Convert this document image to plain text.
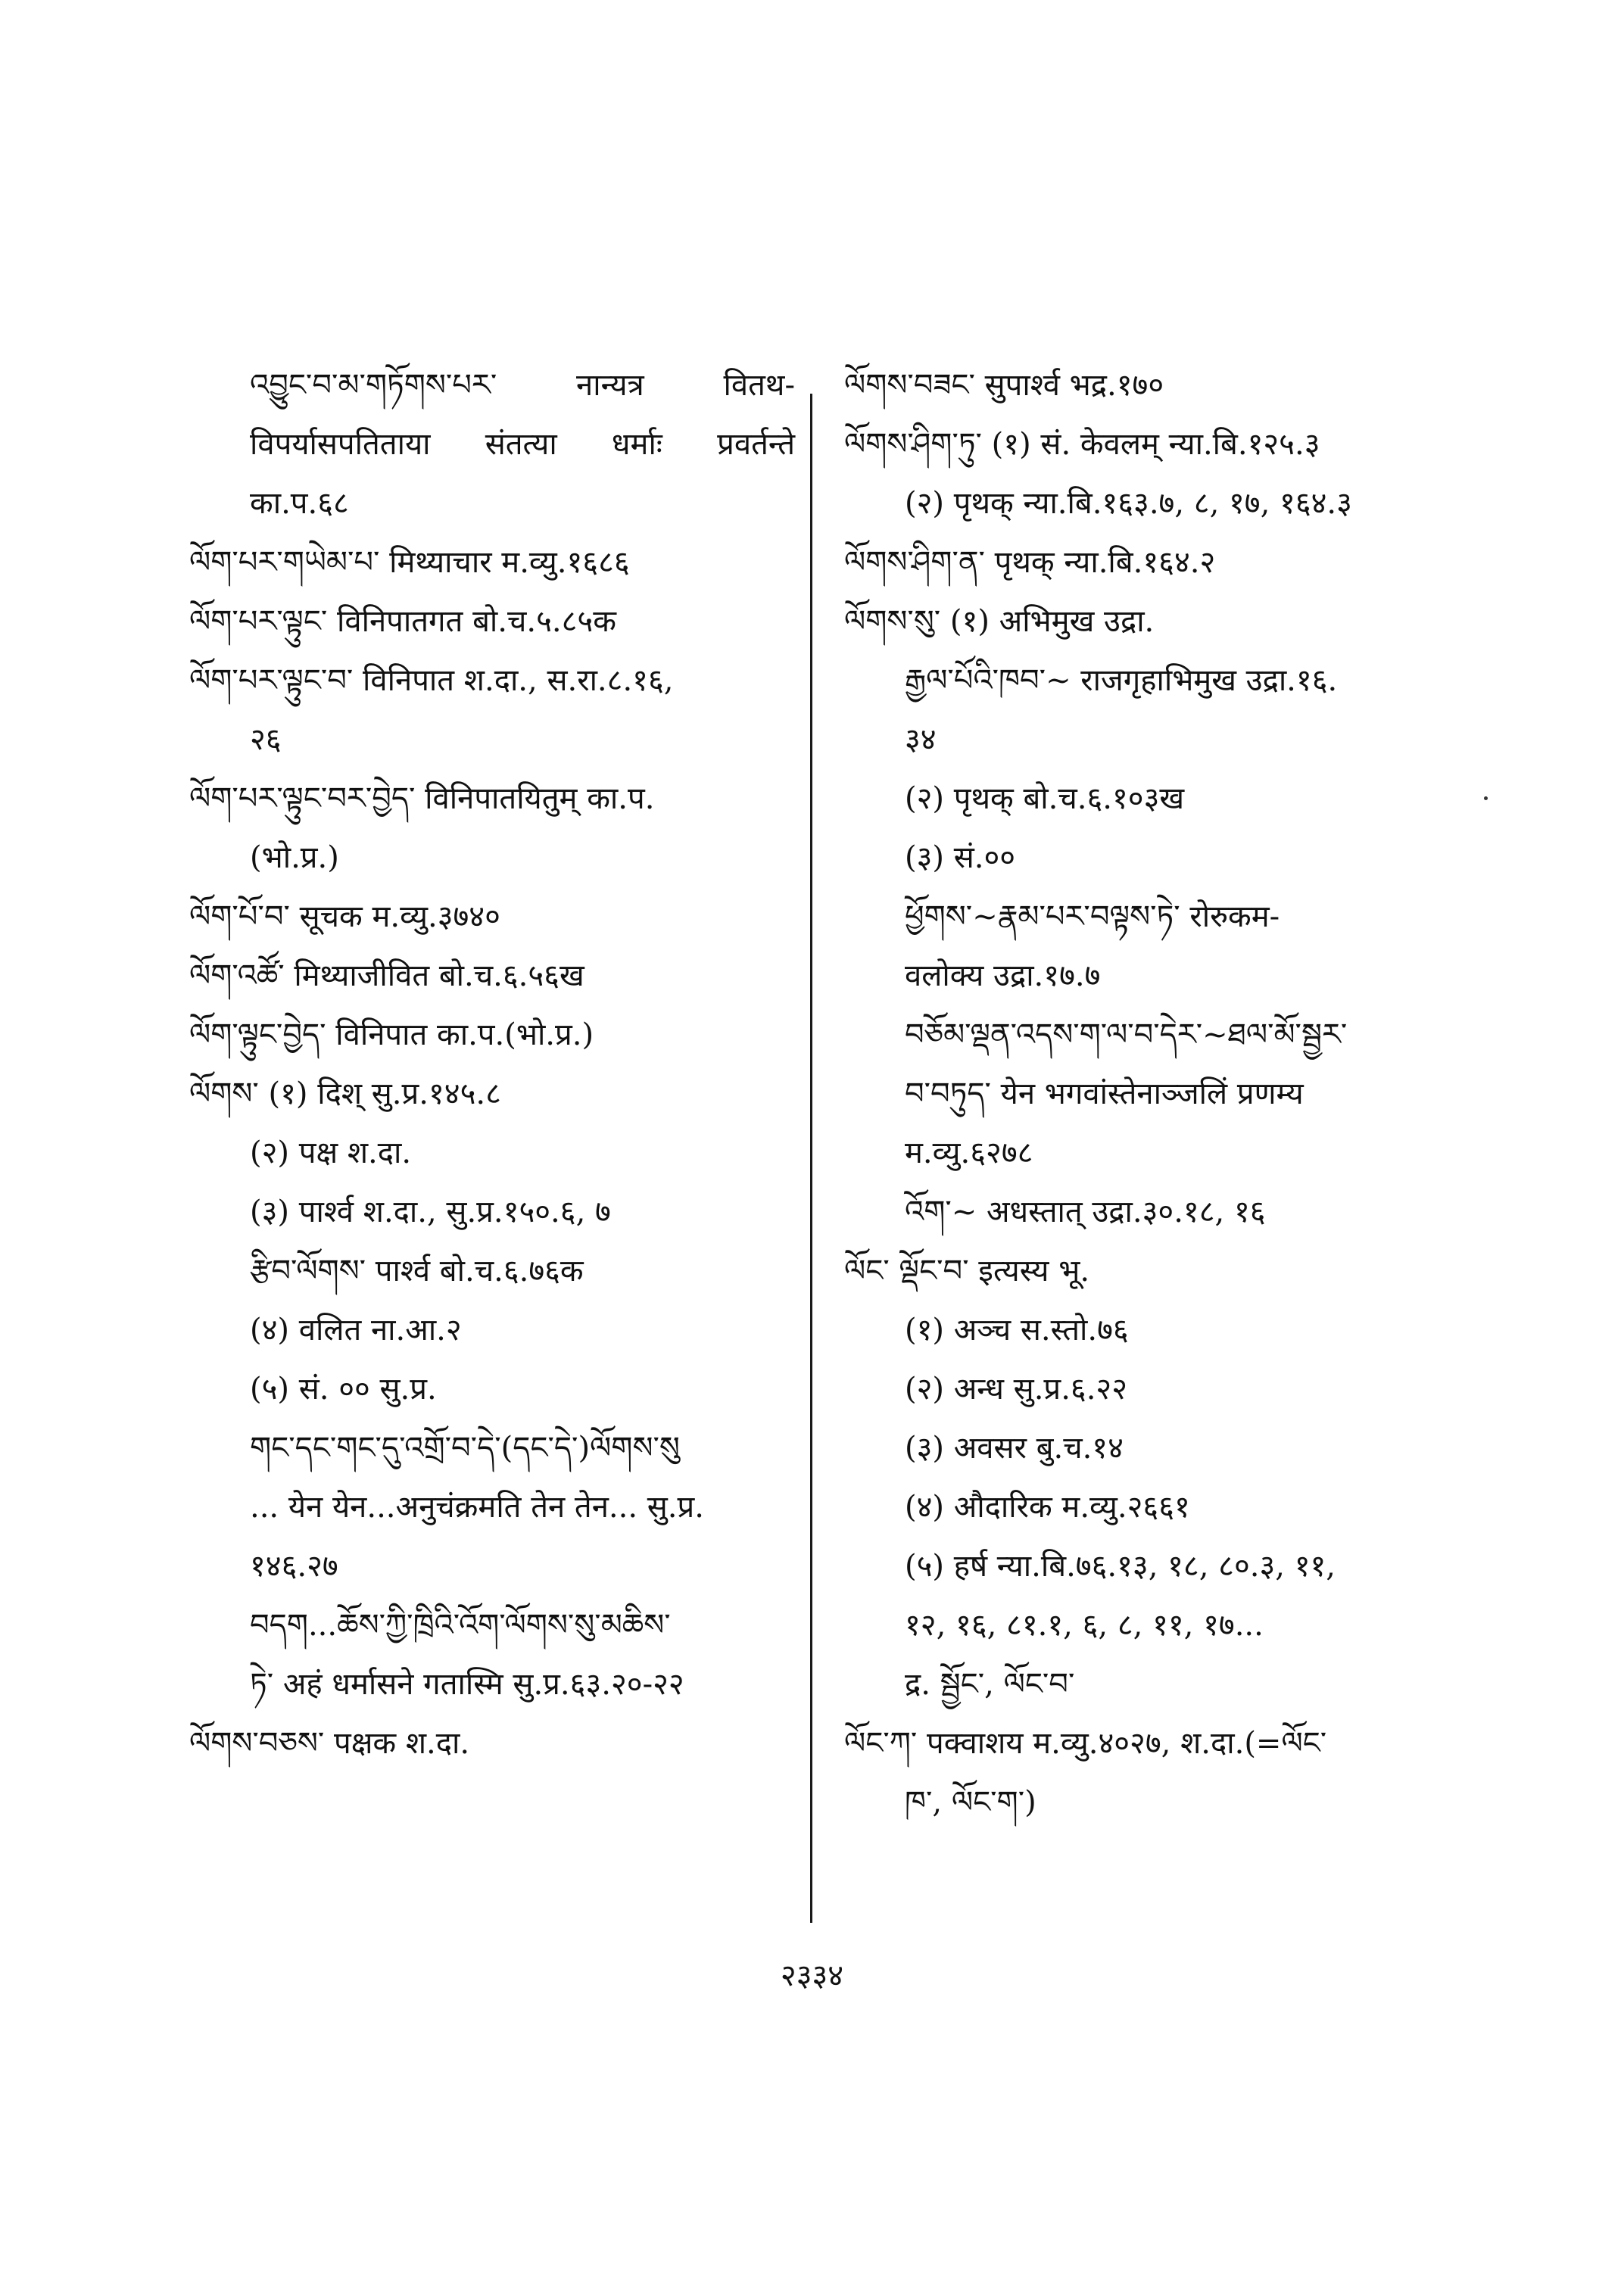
འབྱུང་བ་མ་གཏོགས་པར་ नान्यत्र वितथ-
विपर्यासपतिताया संतत्या धर्माः प्रवर्तन्ते
का.प.६८
ལོག་པར་གཡེམ་པ་ मिथ्याचार म.व्यु.१६८६
ལོག་པར་ལྟུང་ विनिपातगत बो.च.५.८५क
ལོག་པར་ལྟུང་བ་ विनिपात श.दा., स.रा.८.१६,
२६
ལོག་པར་ལྟུང་བར་བྱེད་ विनिपातयितुम् का.प.
(भो.प्र.)
ལོག་པོ་བ་ सूचक म.व्यु.३७४०
ལོག་འཚོ་ मिथ्याजीवित बो.च.६.५६ख
ལོག་ལྟུང་བྱེད་ विनिपात का.प.(भो.प्र.)
ལོགས་ (१) दिश् सु.प्र.१४५.८
(२) पक्ष श.दा.
(३) पार्श्व श.दा., सु.प्र.१५०.६, ७
རྩིབ་ལོགས་ पार्श्व बो.च.६.७६क
(४) वलित ना.आ.२
(५) सं. ०० सु.प्र.
གང་དང་གང་དུ་འགྲོ་བ་དེ་(དང་དེ་)ལོགས་སུ
... येन येन...अनुचंक्रमति तेन तेन... सु.प्र.
१४६.२७
བདག...ཆོས་ཀྱི་ཁྲིའི་འོག་ལོགས་སུ་མཆིས་
ཏེ་ अहं धर्मासने गतास्मि सु.प्र.६३.२०-२२
ལོགས་བཅས་ पक्षक श.दा.
ལོགས་བཟང་ सुपार्श्व भद्र.१७०
ལོགས་ཤིག་ཏུ་ (१) सं. केवलम् न्या.बि.१२५.३
(२) पृथक् न्या.बि.१६३.७, ८, १७, १६४.३
ལོགས་ཤིག་ན་ पृथक् न्या.बि.१६४.२
ལོགས་སུ་ (१) अभिमुख उद्रा.
རྒྱལ་པོའི་ཁབ་~ राजगृहाभिमुख उद्रा.१६.
३४
(२) पृथक् बो.च.६.१०३ख
(३) सं.००
ཕྱོགས་~རྣམ་པར་བལྟས་ཏེ་ रोरुकम-
वलोक्य उद्रा.१७.७
བཅོམ་ལྡན་འདས་ག་ལ་བ་དེར་~ཐལ་མོ་སྦྱར་
བ་བཏུད་ येन भगवांस्तेनाञ्जलिं प्रणम्य
म.व्यु.६२७८
འོག་~ अधस्तात् उद्रा.३०.१८, १६
ལོང་ ལྡོང་བ་ इत्यस्य भू.
(१) अञ्च स.स्तो.७६
(२) अन्ध सु.प्र.६.२२
(३) अवसर बु.च.१४
(४) औदारिक म.व्यु.२६६१
(५) हर्ष न्या.बि.७६.१३, १८, ८०.३, ११,
१२, १६, ८१.१, ६, ८, ११, १७...
द्र. སྦྱོང་, ལོང་བ་
ལོང་ཀ་ पक्वाशय म.व्यु.४०२७, श.दा.(=ལོང་
ཁ་, ལོང་ག་)
२३३४
